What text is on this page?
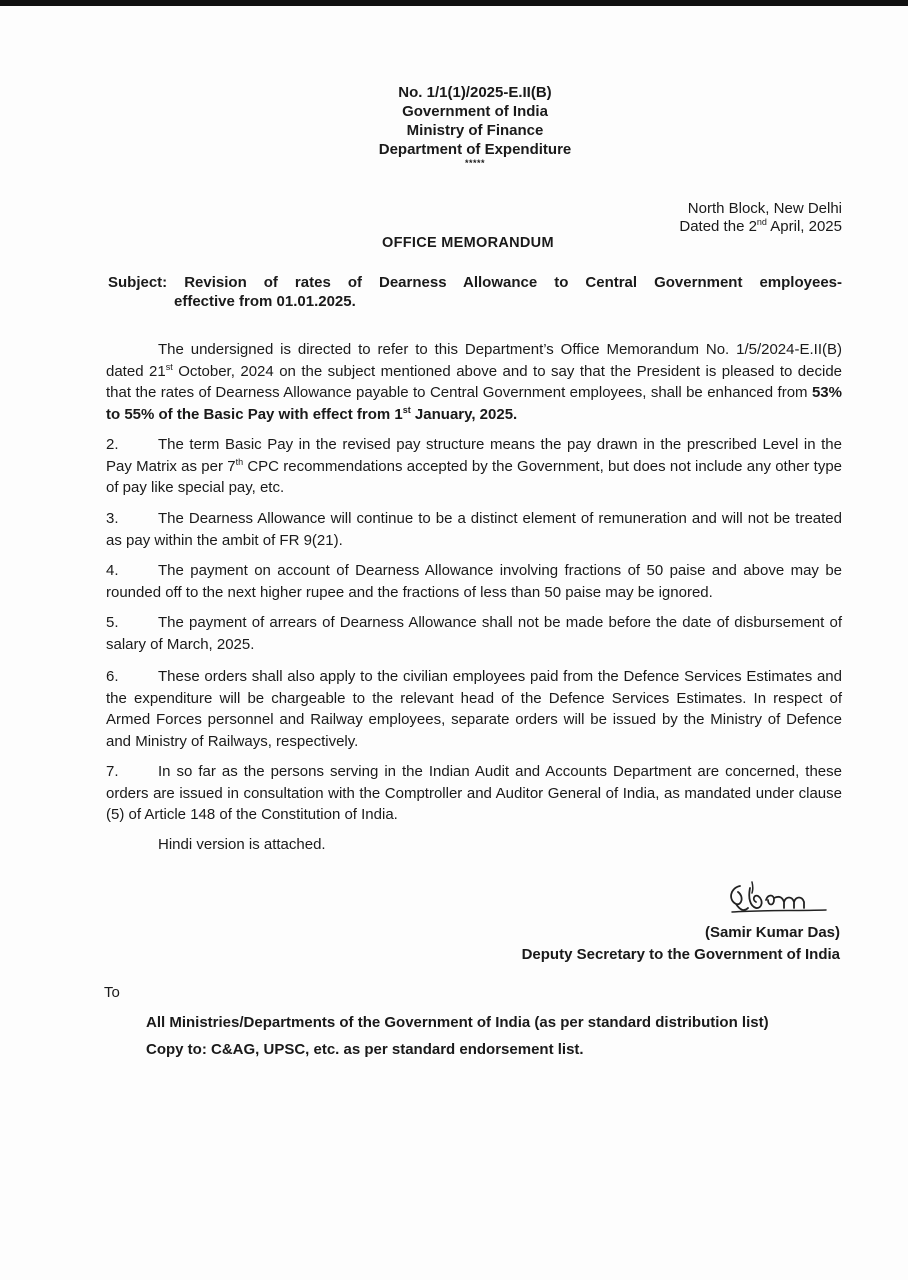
No. 1/1(1)/2025-E.II(B)
Government of India
Ministry of Finance
Department of Expenditure
*****
North Block, New Delhi
Dated the 2nd April, 2025
OFFICE MEMORANDUM
Subject: Revision of rates of Dearness Allowance to Central Government employees-
effective from 01.01.2025.
The undersigned is directed to refer to this Department’s Office Memorandum No. 1/5/2024-E.II(B) dated 21st October, 2024 on the subject mentioned above and to say that the President is pleased to decide that the rates of Dearness Allowance payable to Central Government employees, shall be enhanced from 53% to 55% of the Basic Pay with effect from 1st January, 2025.
2.	The term Basic Pay in the revised pay structure means the pay drawn in the prescribed Level in the Pay Matrix as per 7th CPC recommendations accepted by the Government, but does not include any other type of pay like special pay, etc.
3.	The Dearness Allowance will continue to be a distinct element of remuneration and will not be treated as pay within the ambit of FR 9(21).
4.	The payment on account of Dearness Allowance involving fractions of 50 paise and above may be rounded off to the next higher rupee and the fractions of less than 50 paise may be ignored.
5.	The payment of arrears of Dearness Allowance shall not be made before the date of disbursement of salary of March, 2025.
6.	These orders shall also apply to the civilian employees paid from the Defence Services Estimates and the expenditure will be chargeable to the relevant head of the Defence Services Estimates. In respect of Armed Forces personnel and Railway employees, separate orders will be issued by the Ministry of Defence and Ministry of Railways, respectively.
7.	In so far as the persons serving in the Indian Audit and Accounts Department are concerned, these orders are issued in consultation with the Comptroller and Auditor General of India, as mandated under clause (5) of Article 148 of the Constitution of India.
Hindi version is attached.
(Samir Kumar Das)
Deputy Secretary to the Government of India
To
All Ministries/Departments of the Government of India (as per standard distribution list)
Copy to: C&AG, UPSC, etc. as per standard endorsement list.
